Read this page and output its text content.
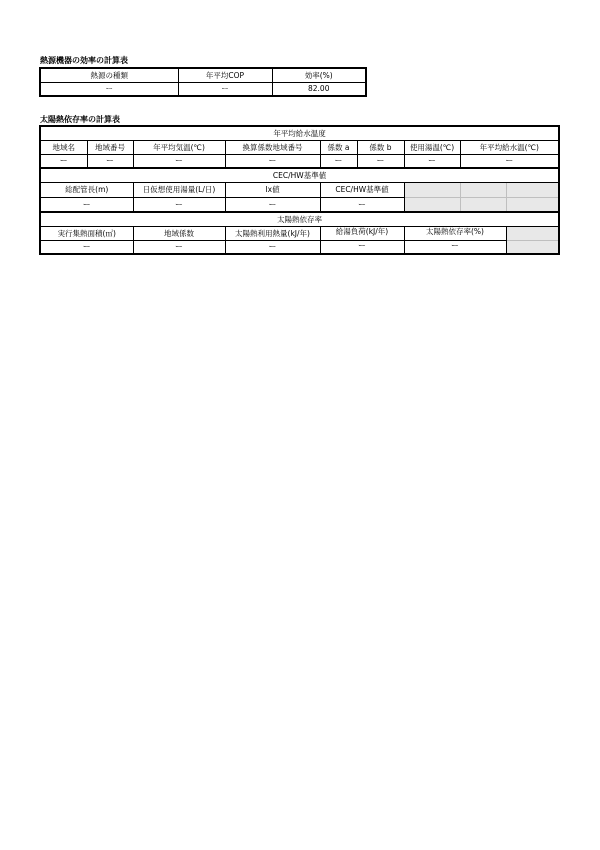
熱源機器の効率の計算表
熱源の種類	年平均COP	効率(%)
ー	ー	82.00
太陽熱依存率の計算表
年平均給水温度								
地域名	地域番号	年平均気温(℃)	換算係数地域番号	係数 a	係数 b	使用湯温(℃)	年平均給水温(℃)	
ー	ー	ー	ー	ー	ー	ー	ー	
CEC/HW基準値								
総配管長(m)		日仮想使用湯量(L/日)	Ix値	CEC/HW基準値				
ー		ー	ー	ー				
太陽熱依存率								
実行集熱面積(㎡)		地域係数	太陽熱利用熱量(kJ/年)	給湯負荷(kJ/年)		太陽熱依存率(%)		
ー		ー	ー	ー		ー		
